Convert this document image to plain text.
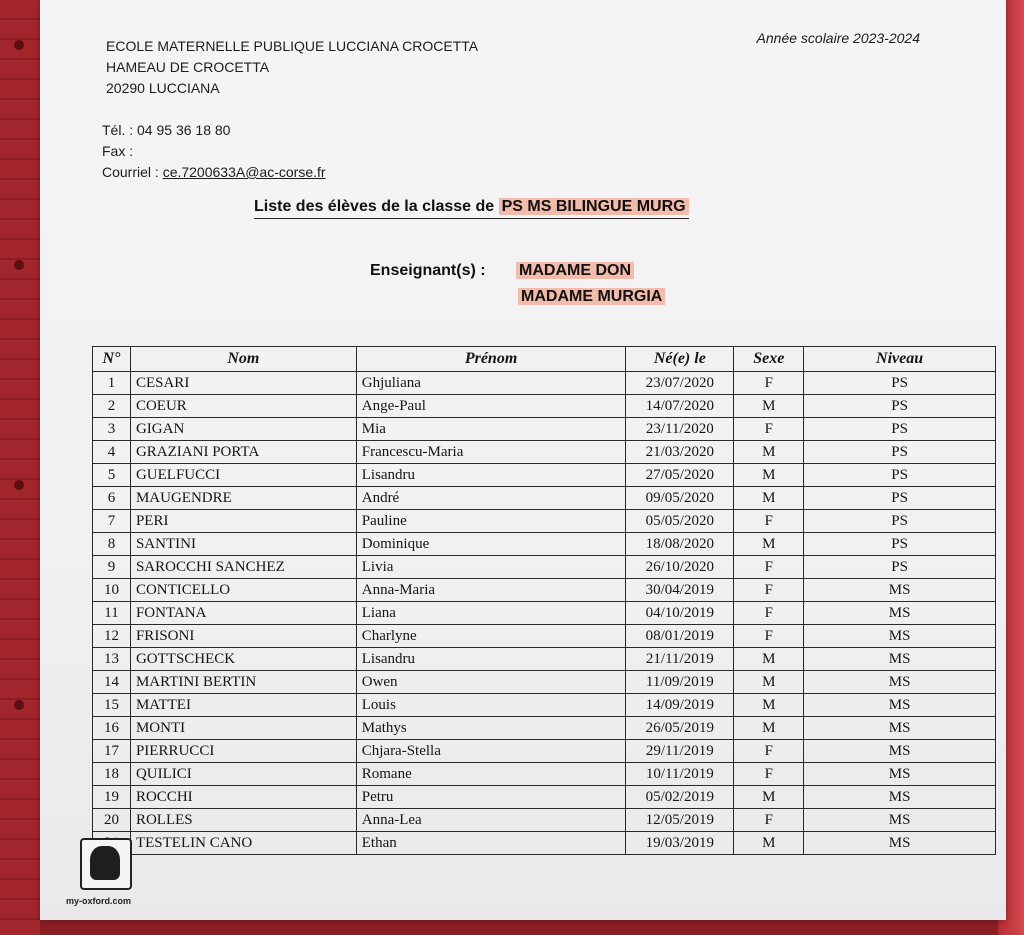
ECOLE MATERNELLE PUBLIQUE LUCCIANA CROCETTA
HAMEAU DE CROCETTA
20290 LUCCIANA
Année scolaire 2023-2024
Tél. : 04 95 36 18 80
Fax :
Courriel : ce.7200633A@ac-corse.fr
Liste des élèves de la classe de PS MS BILINGUE MURG
Enseignant(s) : MADAME DON
MADAME MURGIA
N°	Nom	Prénom	Né(e) le	Sexe	Niveau
1	CESARI	Ghjuliana	23/07/2020	F	PS
2	COEUR	Ange-Paul	14/07/2020	M	PS
3	GIGAN	Mia	23/11/2020	F	PS
4	GRAZIANI PORTA	Francescu-Maria	21/03/2020	M	PS
5	GUELFUCCI	Lisandru	27/05/2020	M	PS
6	MAUGENDRE	André	09/05/2020	M	PS
7	PERI	Pauline	05/05/2020	F	PS
8	SANTINI	Dominique	18/08/2020	M	PS
9	SAROCCHI SANCHEZ	Livia	26/10/2020	F	PS
10	CONTICELLO	Anna-Maria	30/04/2019	F	MS
11	FONTANA	Liana	04/10/2019	F	MS
12	FRISONI	Charlyne	08/01/2019	F	MS
13	GOTTSCHECK	Lisandru	21/11/2019	M	MS
14	MARTINI BERTIN	Owen	11/09/2019	M	MS
15	MATTEI	Louis	14/09/2019	M	MS
16	MONTI	Mathys	26/05/2019	M	MS
17	PIERRUCCI	Chjara-Stella	29/11/2019	F	MS
18	QUILICI	Romane	10/11/2019	F	MS
19	ROCCHI	Petru	05/02/2019	M	MS
20	ROLLES	Anna-Lea	12/05/2019	F	MS
	TESTELIN CANO	Ethan	19/03/2019	M	MS
my-oxford.com
